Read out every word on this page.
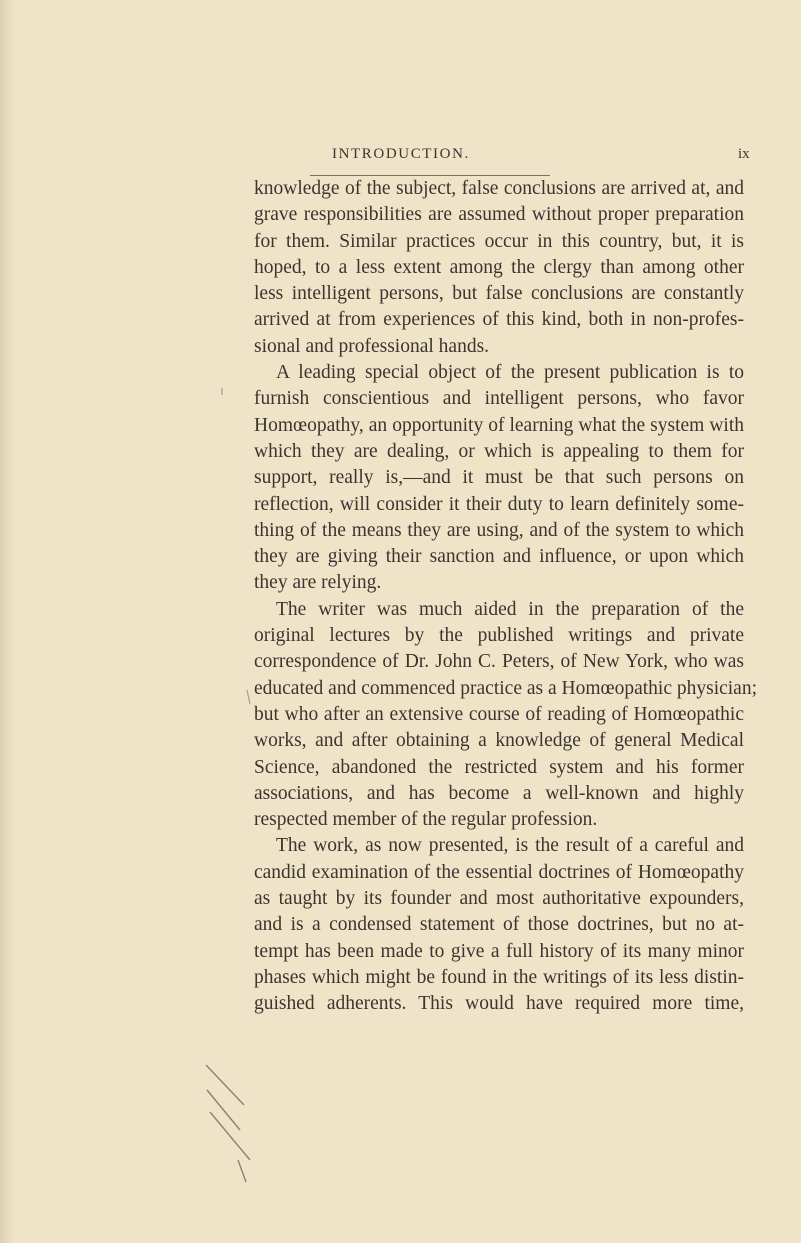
INTRODUCTION.	ix
knowledge of the subject, false conclusions are arrived at, and
grave responsibilities are assumed without proper preparation
for them. Similar practices occur in this country, but, it is
hoped, to a less extent among the clergy than among other
less intelligent persons, but false conclusions are constantly
arrived at from experiences of this kind, both in non-profes-
sional and professional hands.
A leading special object of the present publication is to
furnish conscientious and intelligent persons, who favor
Homœopathy, an opportunity of learning what the system with
which they are dealing, or which is appealing to them for
support, really is,—and it must be that such persons on
reflection, will consider it their duty to learn definitely some-
thing of the means they are using, and of the system to which
they are giving their sanction and influence, or upon which
they are relying.
The writer was much aided in the preparation of the
original lectures by the published writings and private
correspondence of Dr. John C. Peters, of New York, who was
educated and commenced practice as a Homœopathic physician;
but who after an extensive course of reading of Homœopathic
works, and after obtaining a knowledge of general Medical
Science, abandoned the restricted system and his former
associations, and has become a well-known and highly
respected member of the regular profession.
The work, as now presented, is the result of a careful and
candid examination of the essential doctrines of Homœopathy
as taught by its founder and most authoritative expounders,
and is a condensed statement of those doctrines, but no at-
tempt has been made to give a full history of its many minor
phases which might be found in the writings of its less distin-
guished adherents. This would have required more time,
